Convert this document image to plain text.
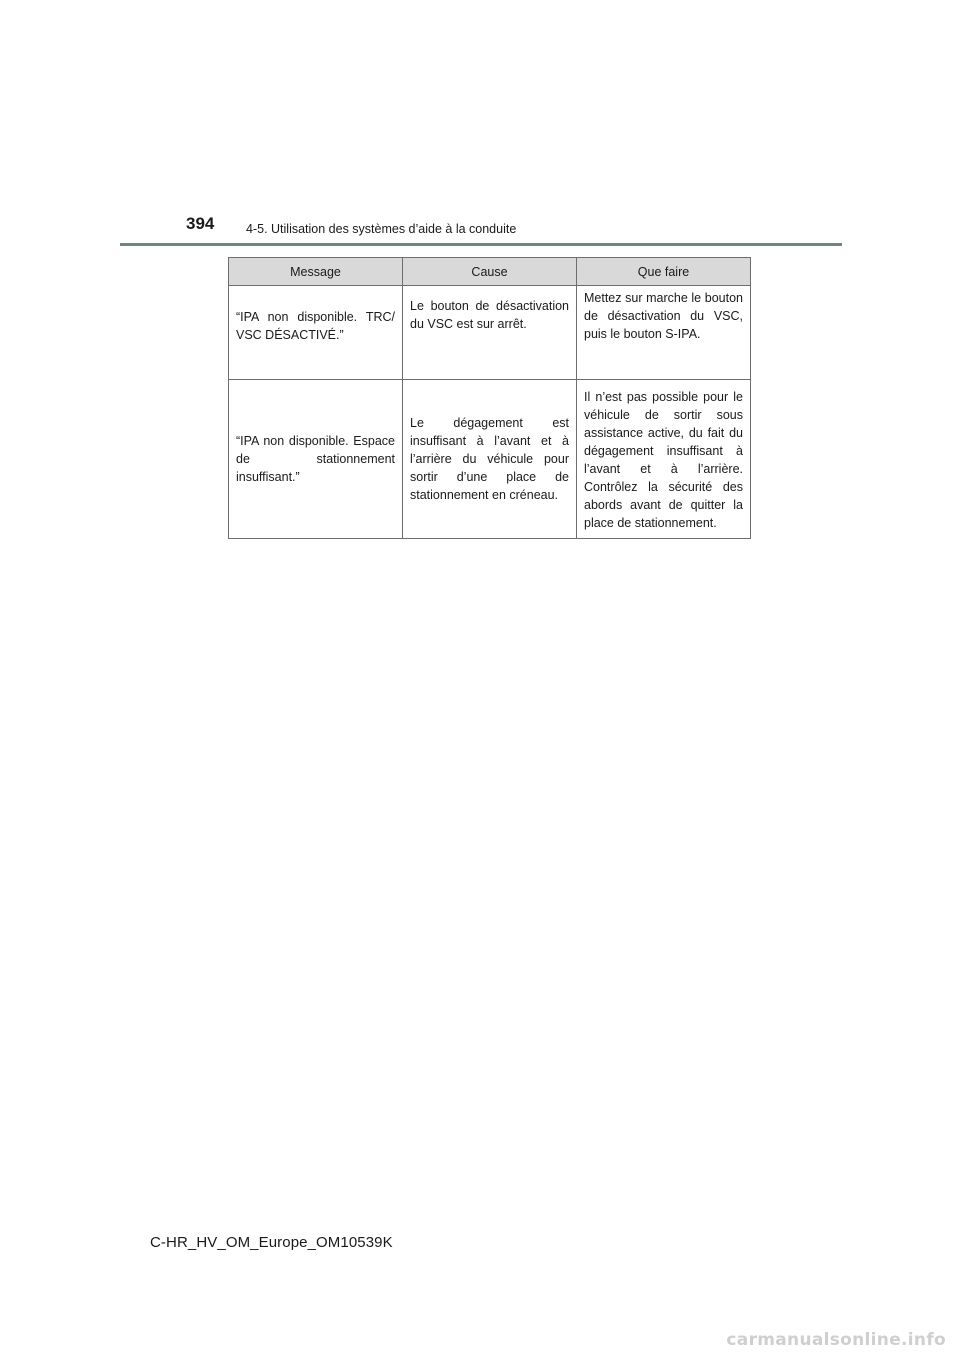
394	4-5. Utilisation des systèmes d’aide à la conduite
Message	Cause	Que faire
“IPA non disponible. TRC/ VSC DÉSACTIVÉ.”	Le bouton de désactivation du VSC est sur arrêt.	Mettez sur marche le bouton de désactivation du VSC, puis le bouton S-IPA.
“IPA non disponible. Espace de stationnement insuffisant.”	Le dégagement est insuffisant à l’avant et à l’arrière du véhicule pour sortir d’une place de stationnement en créneau.	Il n’est pas possible pour le véhicule de sortir sous assistance active, du fait du dégagement insuffisant à l’avant et à l’arrière. Contrôlez la sécurité des abords avant de quitter la place de stationnement.
C-HR_HV_OM_Europe_OM10539K
carmanualsonline.info
